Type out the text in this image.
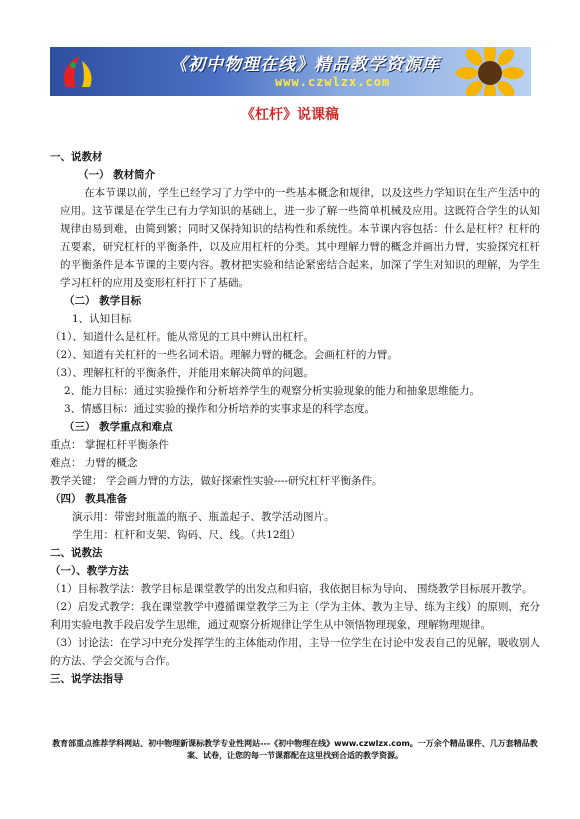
《初中物理在线》精品教学资源库
www.czwlzx.com
《杠杆》说课稿

一、说教材

（一） 教材简介

在本节课以前，学生已经学习了力学中的一些基本概念和规律，以及这些力学知识在生产生活中的应用。这节课是在学生已有力学知识的基础上，进一步了解一些简单机械及应用。这既符合学生的认知规律由易到难，由简到繁；同时又保持知识的结构性和系统性。本节课内容包括：什么是杠杆？杠杆的五要素，研究杠杆的平衡条件，以及应用杠杆的分类。其中理解力臂的概念并画出力臂，实验探究杠杆的平衡条件是本节课的主要内容。教材把实验和结论紧密结合起来，加深了学生对知识的理解，为学生学习杠杆的应用及变形杠杆打下了基础。

（二） 教学目标

1、认知目标

（1）、知道什么是杠杆。能从常见的工具中辨认出杠杆。

（2）、知道有关杠杆的一些名词术语。理解力臂的概念。会画杠杆的力臂。

（3）、理解杠杆的平衡条件，并能用来解决简单的问题。

2、能力目标：通过实验操作和分析培养学生的观察分析实验现象的能力和抽象思维能力。

3、情感目标：通过实验的操作和分析培养的实事求是的科学态度。

（三） 教学重点和难点

重点： 掌握杠杆平衡条件

难点： 力臂的概念

教学关键： 学会画力臂的方法，做好探索性实验----研究杠杆平衡条件。

（四） 教具准备

演示用：带密封瓶盖的瓶子、瓶盖起子、教学活动图片。

学生用：杠杆和支架、钩码、尺、线。（共12组）

二、说教法

（一）、教学方法

（1）目标教学法：教学目标是课堂教学的出发点和归宿，我依据目标为导向、 围绕教学目标展开教学。

（2）启发式教学：我在课堂教学中遵循课堂教学三为主（学为主体、教为主导、练为主线）的原则，充分利用实验电教手段启发学生思维，通过观察分析规律让学生从中领悟物理现象，理解物理规律。

（3）讨论法：在学习中充分发挥学生的主体能动作用，主导一位学生在讨论中发表自己的见解，吸收别人 的方法、学会交流与合作。

三、说学法指导

教育部重点推荐学科网站、初中物理新课标教学专业性网站---《初中物理在线》www.czwlzx.com。一万余个精品课件、几万套精品教案、试卷，让您的每一节课都配在这里找到合适的教学资源。
